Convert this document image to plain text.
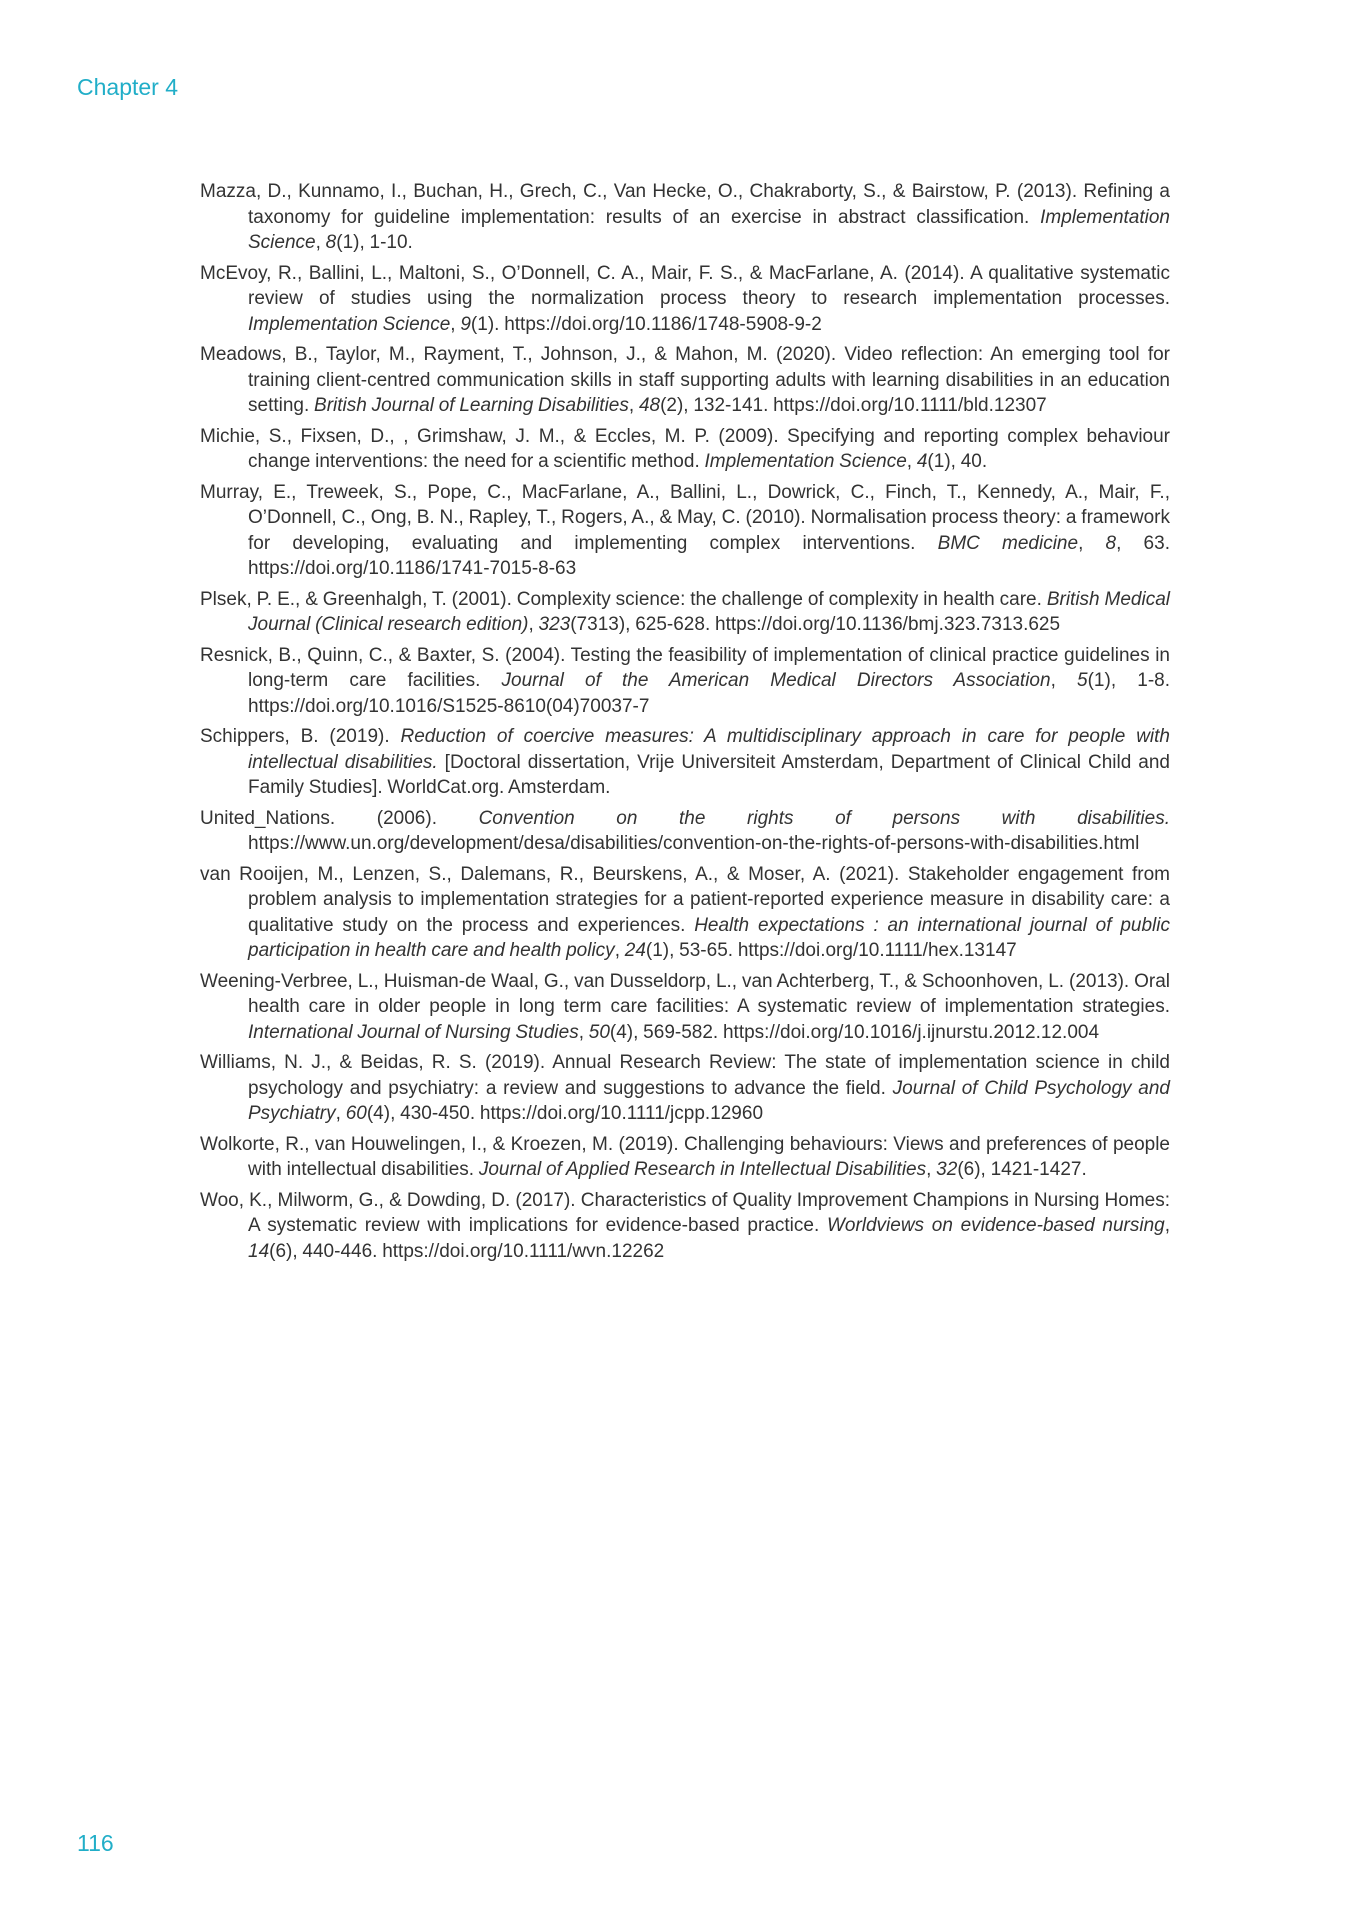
Chapter 4

Mazza, D., Kunnamo, I., Buchan, H., Grech, C., Van Hecke, O., Chakraborty, S., & Bairstow, P. (2013). Refining a taxonomy for guideline implementation: results of an exercise in abstract classification. Implementation Science, 8(1), 1-10.

McEvoy, R., Ballini, L., Maltoni, S., O’Donnell, C. A., Mair, F. S., & MacFarlane, A. (2014). A qualitative systematic review of studies using the normalization process theory to research implementation processes. Implementation Science, 9(1). https://doi.org/10.1186/1748-5908-9-2

Meadows, B., Taylor, M., Rayment, T., Johnson, J., & Mahon, M. (2020). Video reflection: An emerging tool for training client-centred communication skills in staff supporting adults with learning disabilities in an education setting. British Journal of Learning Disabilities, 48(2), 132-141. https://doi.org/10.1111/bld.12307

Michie, S., Fixsen, D., , Grimshaw, J. M., & Eccles, M. P. (2009). Specifying and reporting complex behaviour change interventions: the need for a scientific method. Implementation Science, 4(1), 40.

Murray, E., Treweek, S., Pope, C., MacFarlane, A., Ballini, L., Dowrick, C., Finch, T., Kennedy, A., Mair, F., O’Donnell, C., Ong, B. N., Rapley, T., Rogers, A., & May, C. (2010). Normalisation process theory: a framework for developing, evaluating and implementing complex interventions. BMC medicine, 8, 63. https://doi.org/10.1186/1741-7015-8-63

Plsek, P. E., & Greenhalgh, T. (2001). Complexity science: the challenge of complexity in health care. British Medical Journal (Clinical research edition), 323(7313), 625-628. https://doi.org/10.1136/bmj.323.7313.625

Resnick, B., Quinn, C., & Baxter, S. (2004). Testing the feasibility of implementation of clinical practice guidelines in long-term care facilities. Journal of the American Medical Directors Association, 5(1), 1-8. https://doi.org/10.1016/S1525-8610(04)70037-7

Schippers, B. (2019). Reduction of coercive measures: A multidisciplinary approach in care for people with intellectual disabilities. [Doctoral dissertation, Vrije Universiteit Amsterdam, Department of Clinical Child and Family Studies]. WorldCat.org. Amsterdam.

United_Nations. (2006). Convention on the rights of persons with disabilities. https://www.un.org/development/desa/disabilities/convention-on-the-rights-of-persons-with-disabilities.html

van Rooijen, M., Lenzen, S., Dalemans, R., Beurskens, A., & Moser, A. (2021). Stakeholder engagement from problem analysis to implementation strategies for a patient-reported experience measure in disability care: a qualitative study on the process and experiences. Health expectations : an international journal of public participation in health care and health policy, 24(1), 53-65. https://doi.org/10.1111/hex.13147

Weening-Verbree, L., Huisman-de Waal, G., van Dusseldorp, L., van Achterberg, T., & Schoonhoven, L. (2013). Oral health care in older people in long term care facilities: A systematic review of implementation strategies. International Journal of Nursing Studies, 50(4), 569-582. https://doi.org/10.1016/j.ijnurstu.2012.12.004

Williams, N. J., & Beidas, R. S. (2019). Annual Research Review: The state of implementation science in child psychology and psychiatry: a review and suggestions to advance the field. Journal of Child Psychology and Psychiatry, 60(4), 430-450. https://doi.org/10.1111/jcpp.12960

Wolkorte, R., van Houwelingen, I., & Kroezen, M. (2019). Challenging behaviours: Views and preferences of people with intellectual disabilities. Journal of Applied Research in Intellectual Disabilities, 32(6), 1421-1427.

Woo, K., Milworm, G., & Dowding, D. (2017). Characteristics of Quality Improvement Champions in Nursing Homes: A systematic review with implications for evidence-based practice. Worldviews on evidence-based nursing, 14(6), 440-446. https://doi.org/10.1111/wvn.12262

116
